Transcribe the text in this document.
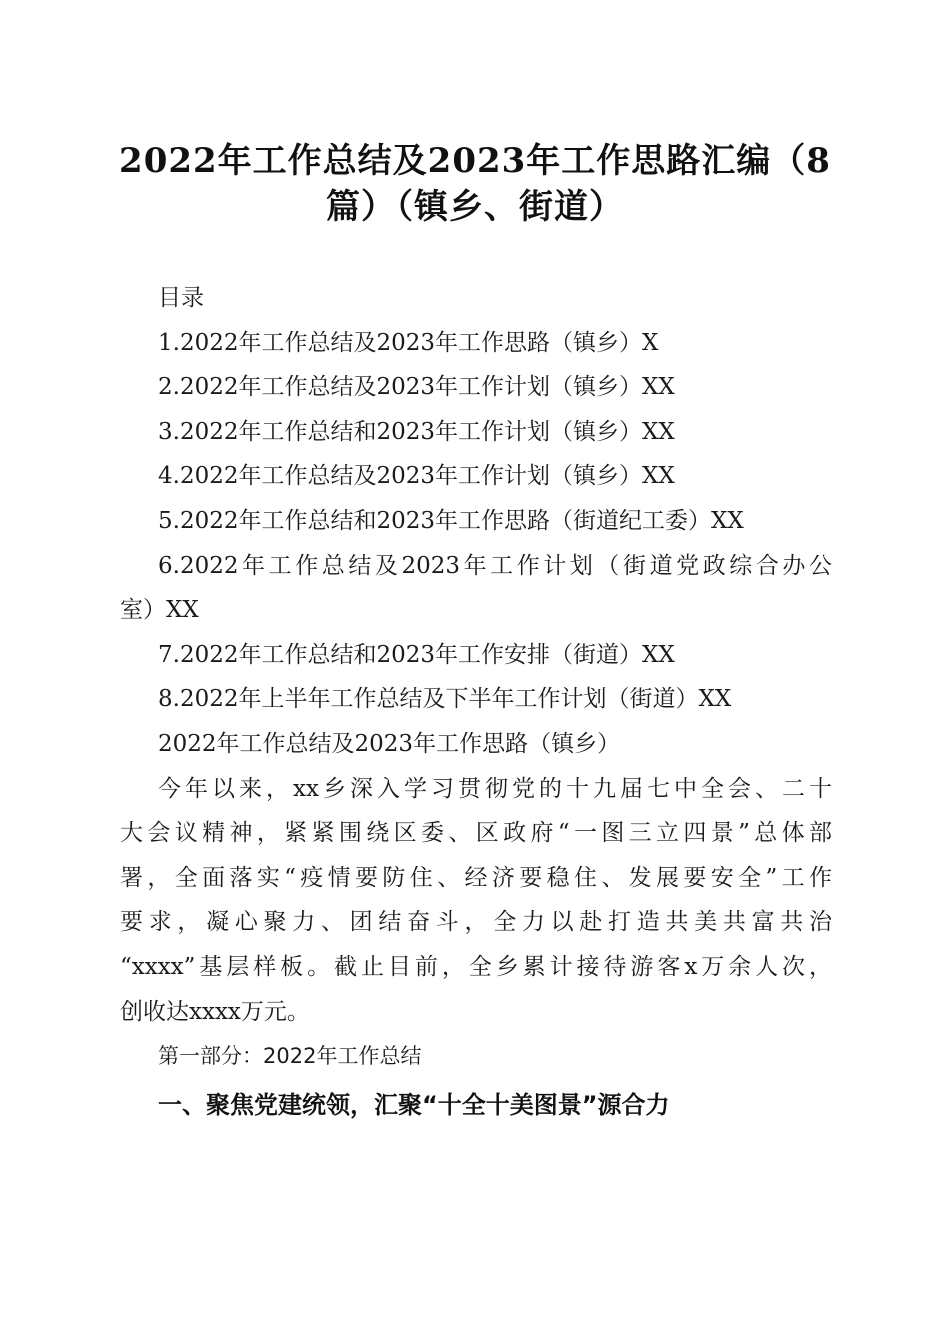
2022年工作总结及2023年工作思路汇编（8
篇）（镇乡、街道）
目录
1.2022年工作总结及2023年工作思路（镇乡）X
2.2022年工作总结及2023年工作计划（镇乡）XX
3.2022年工作总结和2023年工作计划（镇乡）XX
4.2022年工作总结及2023年工作计划（镇乡）XX
5.2022年工作总结和2023年工作思路（街道纪工委）XX
6.2022年工作总结及2023年工作计划（街道党政综合办公
室）XX
7.2022年工作总结和2023年工作安排（街道）XX
8.2022年上半年工作总结及下半年工作计划（街道）XX
2022年工作总结及2023年工作思路（镇乡）
今年以来，xx乡深入学习贯彻党的十九届七中全会、二十
大会议精神，紧紧围绕区委、区政府“一图三立四景”总体部
署，全面落实“疫情要防住、经济要稳住、发展要安全”工作
要求，凝心聚力、团结奋斗，全力以赴打造共美共富共治
“xxxx”基层样板。截止目前，全乡累计接待游客x万余人次，
创收达xxxx万元。
第一部分：2022年工作总结
一、聚焦党建统领，汇聚“十全十美图景”源合力
